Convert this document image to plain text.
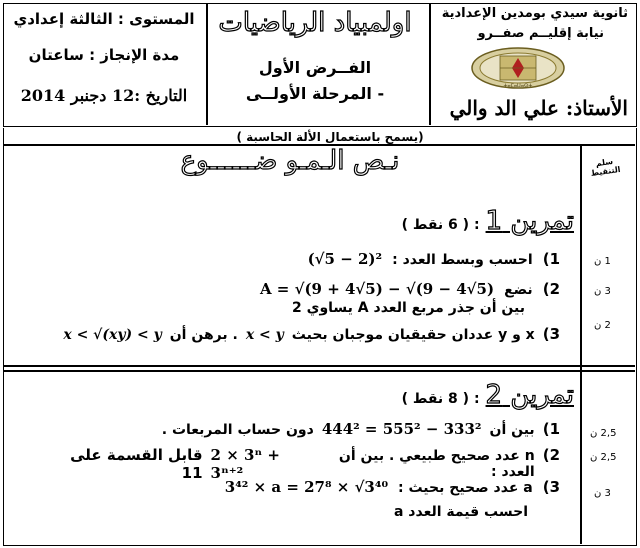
ثانوية سيدي بومدين الإعدادية
نيابة إقليــم صفــرو
ⵜⴰⵎⴰⵡⴰⵙⵜ
الأستاذ: علي الد والي
اولمبياد الرياضيات
الفــرض الأول
- المرحلة الأولــى
المستوى : الثالثة إعدادي
مدة الإنجاز : ساعتان
التاريخ :12 دجنبر 2014
(يسمح باستعمال الألة الحاسبة )
سلم التنقيط
نـص الـمـو ضــــــوع
تمرين 1
: ( 6 نقط )
1)
احسب وبسط العدد :
(√5 − 2)²	1 ن
2)
نضع
A = √(9 + 4√5) − √(9 − 4√5)
بين أن جذر مربع العدد A يساوي 2
3 ن
3)
x و y عددان حقيقيان موجبان بحيث
x < y
. برهن أن
x < √(xy) < y
2 ن
تمرين 2
: ( 8 نقط )
1)
بين أن
444² = 555² − 333²
دون حساب المربعات .	2,5 ن
2)
n عدد صحيح طبيعي . بين أن العدد :
2 × 3ⁿ + 3ⁿ⁺²
قابل القسمة على 11
2,5 ن
3)
a عدد صحيح بحيث :
3⁴² × a = 27⁸ × √3⁴⁰
احسب قيمة العدد a
3 ن
